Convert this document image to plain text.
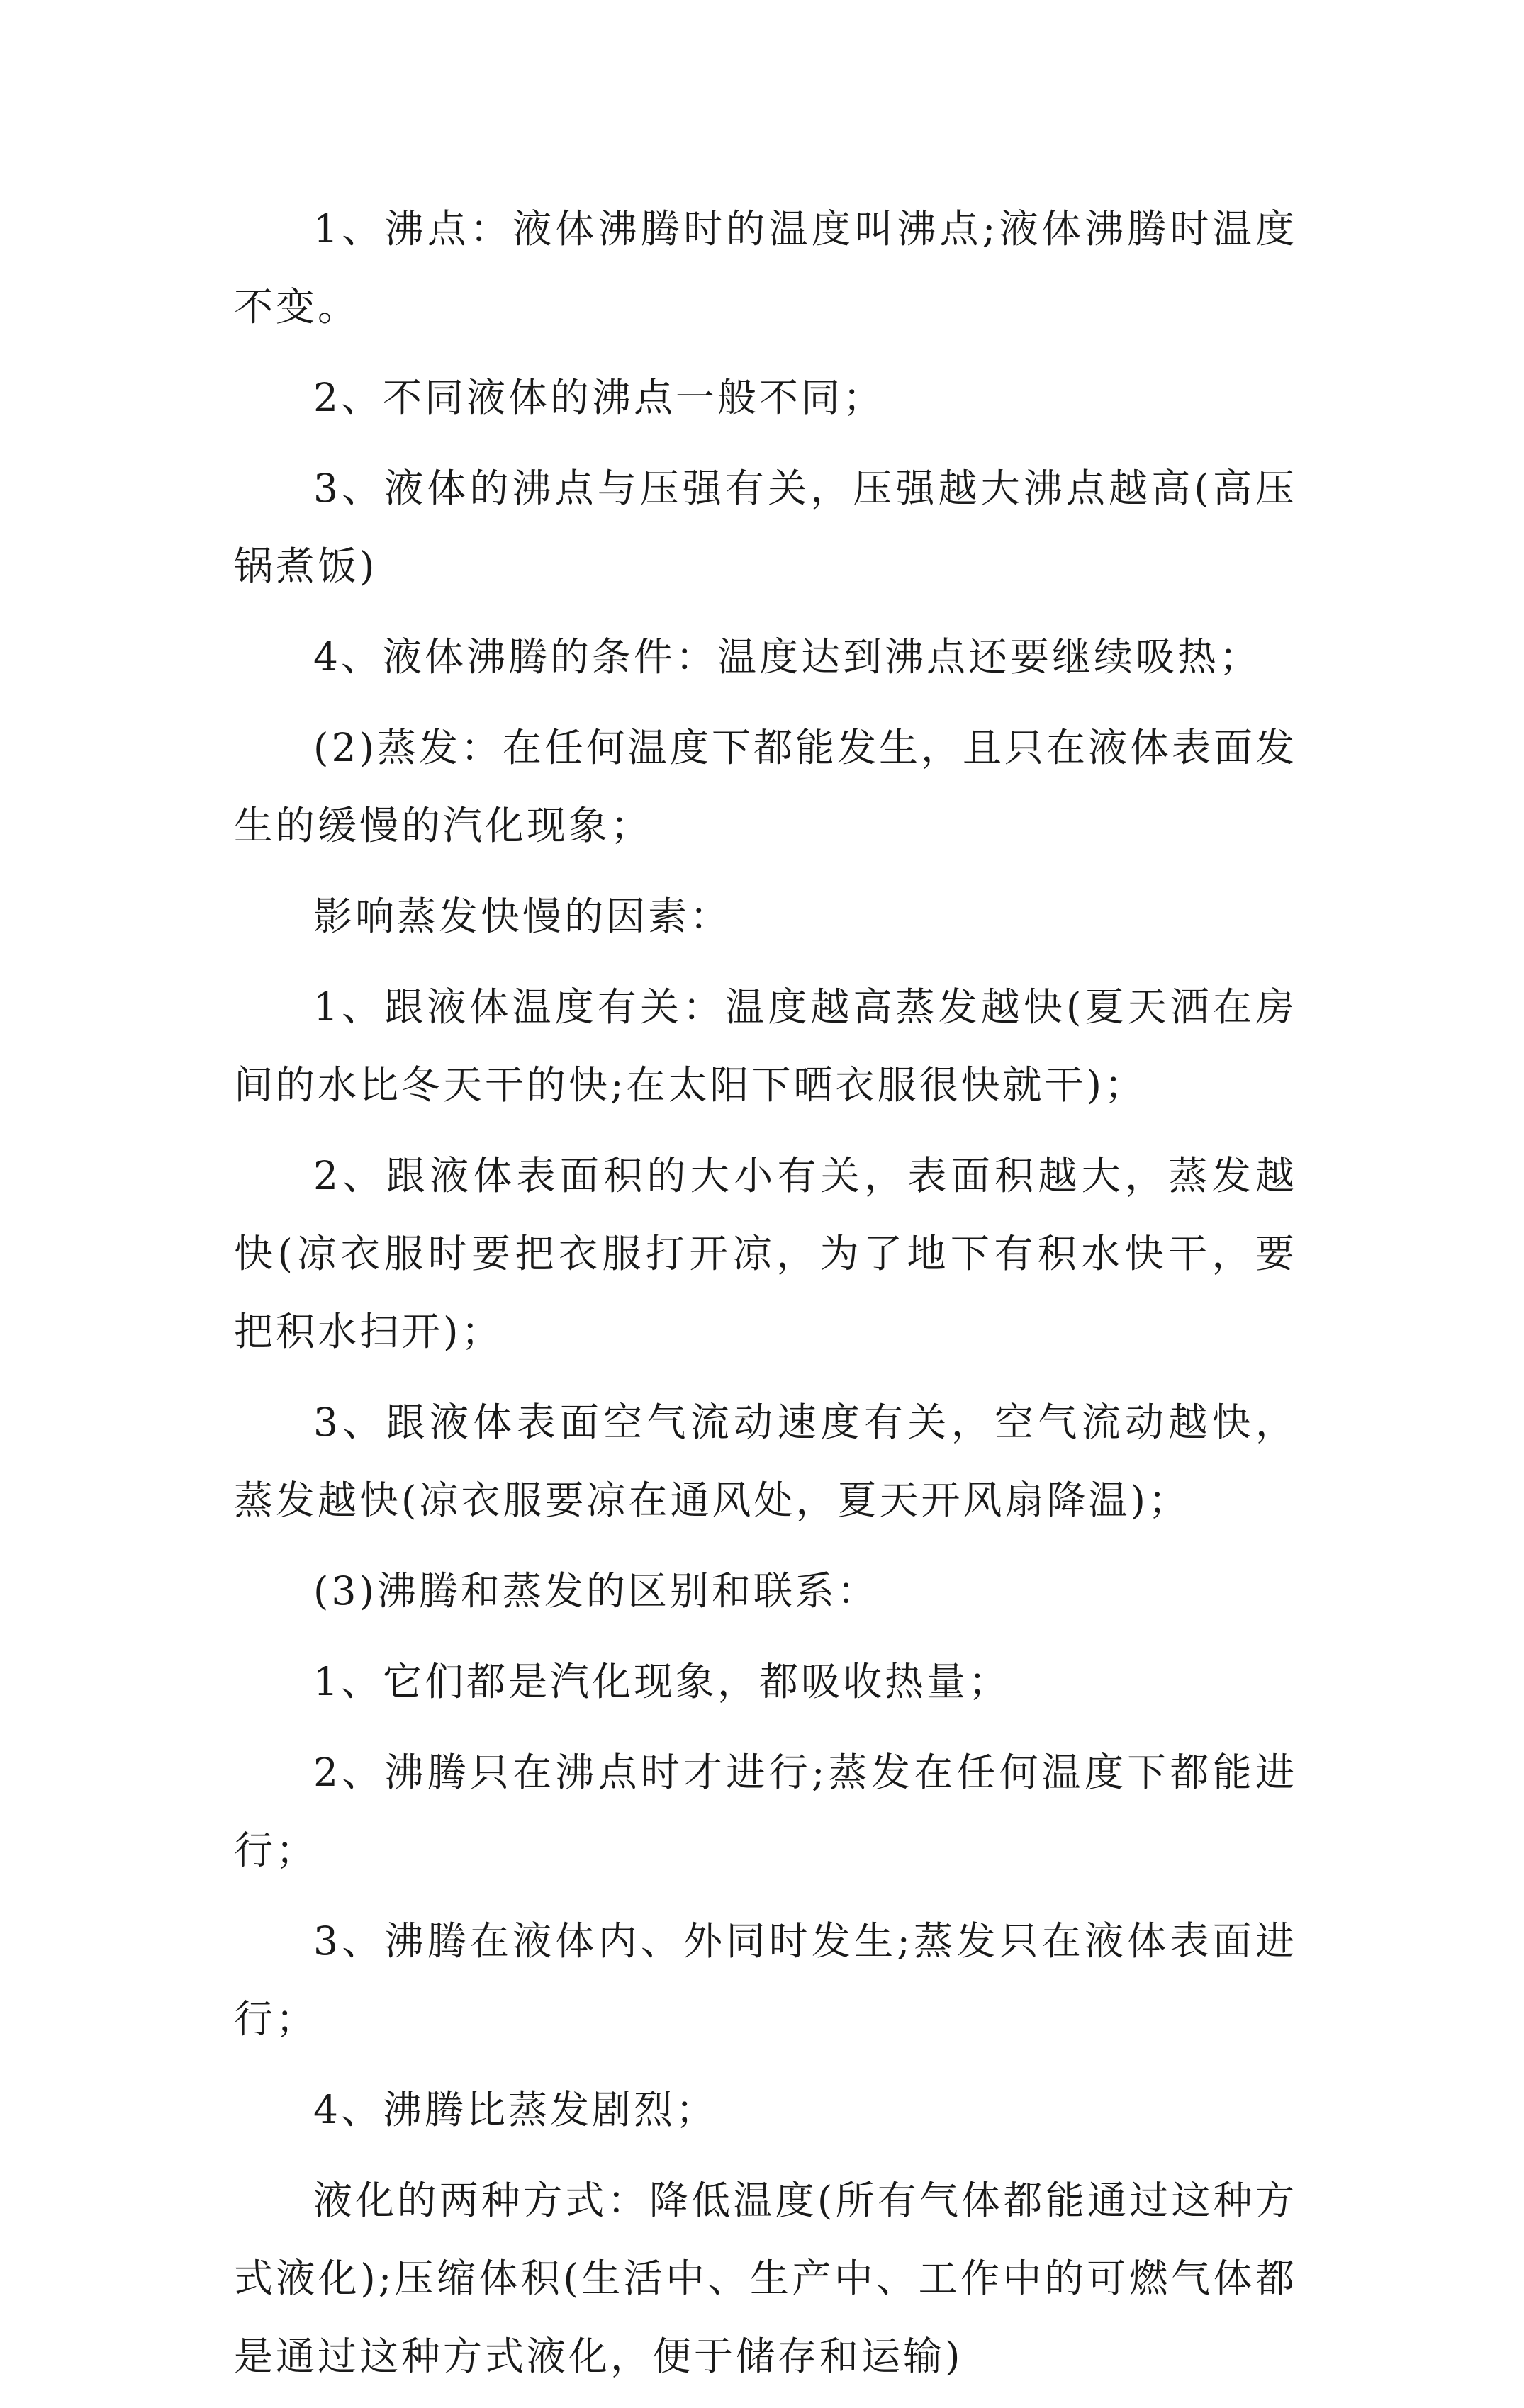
1、沸点：液体沸腾时的温度叫沸点;液体沸腾时温度不变。

2、不同液体的沸点一般不同；

3、液体的沸点与压强有关，压强越大沸点越高(高压锅煮饭)

4、液体沸腾的条件：温度达到沸点还要继续吸热；

(2)蒸发：在任何温度下都能发生，且只在液体表面发生的缓慢的汽化现象；

影响蒸发快慢的因素：

1、跟液体温度有关：温度越高蒸发越快(夏天洒在房间的水比冬天干的快;在太阳下晒衣服很快就干)；

2、跟液体表面积的大小有关，表面积越大，蒸发越快(凉衣服时要把衣服打开凉，为了地下有积水快干，要把积水扫开)；

3、跟液体表面空气流动速度有关，空气流动越快，蒸发越快(凉衣服要凉在通风处，夏天开风扇降温)；

(3)沸腾和蒸发的区别和联系：

1、它们都是汽化现象，都吸收热量；

2、沸腾只在沸点时才进行;蒸发在任何温度下都能进行；

3、沸腾在液体内、外同时发生;蒸发只在液体表面进行；

4、沸腾比蒸发剧烈；

液化的两种方式：降低温度(所有气体都能通过这种方式液化);压缩体积(生活中、生产中、工作中的可燃气体都是通过这种方式液化，便于储存和运输)
